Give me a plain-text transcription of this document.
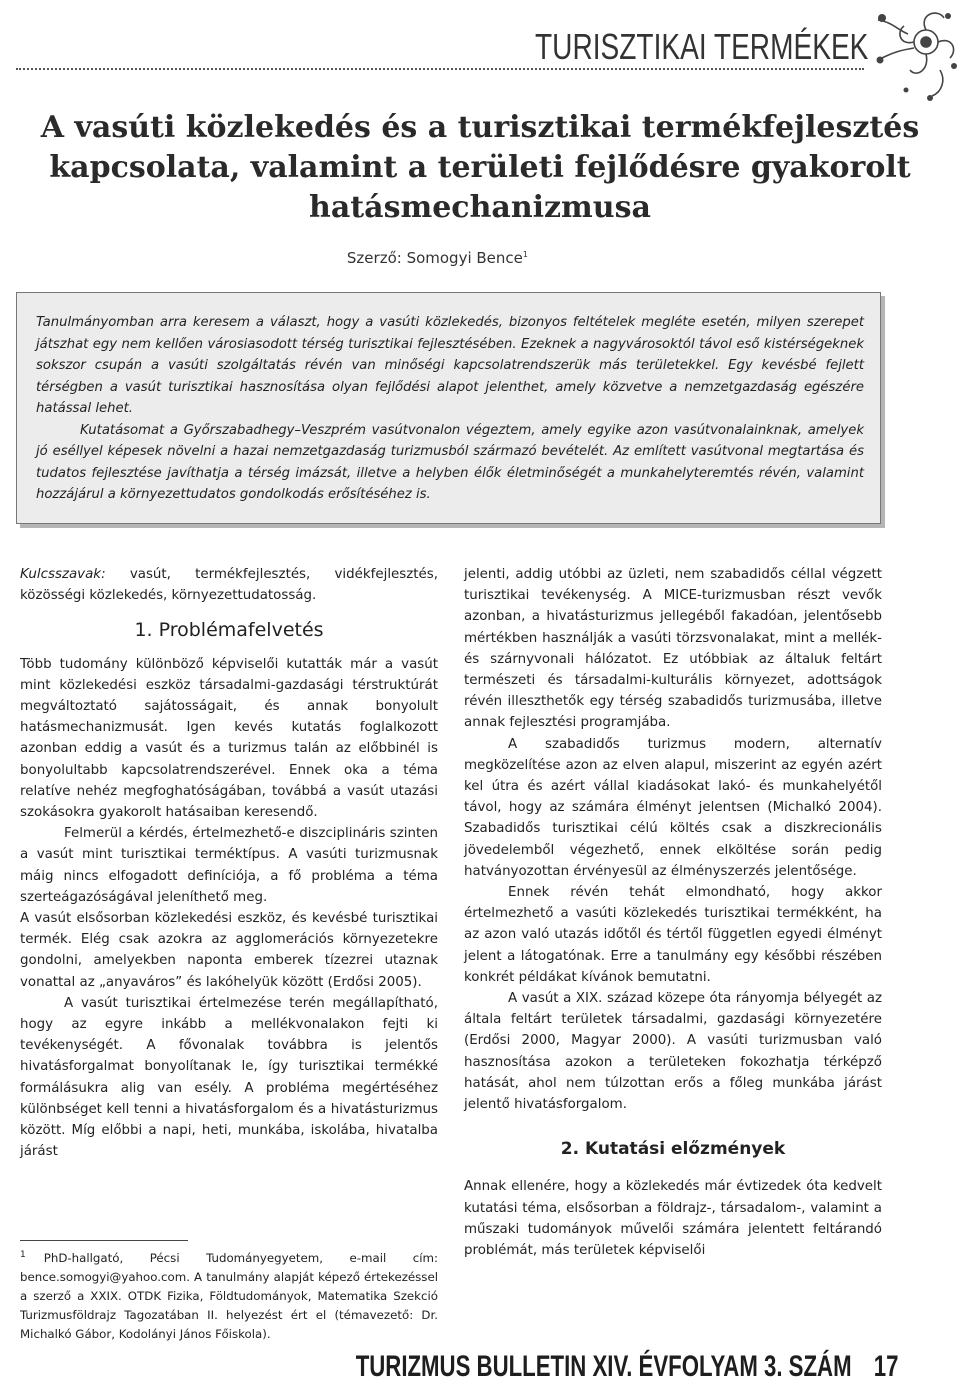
TURISZTIKAI TERMÉKEK
A vasúti közlekedés és a turisztikai termékfejlesztés
kapcsolata, valamint a területi fejlődésre gyakorolt
hatásmechanizmusa
Szerző: Somogyi Bence$^1$

Tanulmányomban arra keresem a választ, hogy a vasúti közlekedés, bizonyos feltételek megléte esetén, milyen szerepet játszhat egy nem kellően városiasodott térség turisztikai fejlesztésében. Ezeknek a nagyvárosoktól távol eső kistérségeknek sokszor csupán a vasúti szolgáltatás révén van minőségi kapcsolatrendszerük más területekkel. Egy kevésbé fejlett térségben a vasút turisztikai hasznosítása olyan fejlődési alapot jelenthet, amely közvetve a nemzetgazdaság egészére hatással lehet.

Kutatásomat a Győrszabadhegy–Veszprém vasútvonalon végeztem, amely egyike azon vasútvonalainknak, amelyek jó eséllyel képesek növelni a hazai nemzetgazdaság turizmusból származó bevételét. Az említett vasútvonal megtartása és tudatos fejlesztése javíthatja a térség imázsát, illetve a helyben élők életminőségét a munkahelyteremtés révén, valamint hozzájárul a környezettudatos gondolkodás erősítéséhez is.

Kulcsszavak: vasút, termékfejlesztés, vidékfejlesztés, közösségi közlekedés, környezettudatosság.

1. Problémafelvetés

Több tudomány különböző képviselői kutatták már a vasút mint közlekedési eszköz társadalmi-gazdasági térstruktúrát megváltoztató sajátosságait, és annak bonyolult hatásmechanizmusát. Igen kevés kutatás foglalkozott azonban eddig a vasút és a turizmus talán az előbbinél is bonyolultabb kapcsolatrendszerével. Ennek oka a téma relatíve nehéz megfoghatóságában, továbbá a vasút utazási szokásokra gyakorolt hatásaiban keresendő.

Felmerül a kérdés, értelmezhető-e diszciplináris szinten a vasút mint turisztikai terméktípus. A vasúti turizmusnak máig nincs elfogadott definíciója, a fő probléma a téma szerteágazóságával jeleníthető meg.

A vasút elsősorban közlekedési eszköz, és kevésbé turisztikai termék. Elég csak azokra az agglomerációs környezetekre gondolni, amelyekben naponta emberek tízezrei utaznak vonattal az „anyaváros” és lakóhelyük között (Erdősi 2005).

A vasút turisztikai értelmezése terén megállapítható, hogy az egyre inkább a mellékvonalakon fejti ki tevékenységét. A fővonalak továbbra is jelentős hivatásforgalmat bonyolítanak le, így turisztikai termékké formálásukra alig van esély. A probléma megértéséhez különbséget kell tenni a hivatásforgalom és a hivatásturizmus között. Míg előbbi a napi, heti, munkába, iskolába, hivatalba járást

jelenti, addig utóbbi az üzleti, nem szabadidős céllal végzett turisztikai tevékenység. A MICE-turizmusban részt vevők azonban, a hivatásturizmus jellegéből fakadóan, jelentősebb mértékben használják a vasúti törzsvonalakat, mint a mellék- és szárnyvonali hálózatot. Ez utóbbiak az általuk feltárt természeti és társadalmi-kulturális környezet, adottságok révén illeszthetők egy térség szabadidős turizmusába, illetve annak fejlesztési programjába.

A szabadidős turizmus modern, alternatív megközelítése azon az elven alapul, miszerint az egyén azért kel útra és azért vállal kiadásokat lakó- és munkahelyétől távol, hogy az számára élményt jelentsen (Michalkó 2004). Szabadidős turisztikai célú költés csak a diszkrecionális jövedelemből végezhető, ennek elköltése során pedig hatványozottan érvényesül az élményszerzés jelentősége.

Ennek révén tehát elmondható, hogy akkor értelmezhető a vasúti közlekedés turisztikai termékként, ha az azon való utazás időtől és tértől független egyedi élményt jelent a látogatónak. Erre a tanulmány egy későbbi részében konkrét példákat kívánok bemutatni.

A vasút a XIX. század közepe óta rányomja bélyegét az általa feltárt területek társadalmi, gazdasági környezetére (Erdősi 2000, Magyar 2000). A vasúti turizmusban való hasznosítása azokon a területeken fokozhatja térképző hatását, ahol nem túlzottan erős a főleg munkába járást jelentő hivatásforgalom.

2. Kutatási előzmények

Annak ellenére, hogy a közlekedés már évtizedek óta kedvelt kutatási téma, elsősorban a földrajz-, társadalom-, valamint a műszaki tudományok művelői számára jelentett feltárandó problémát, más területek képviselői

$^1$ PhD-hallgató, Pécsi Tudományegyetem, e-mail cím: bence.somogyi@yahoo.com. A tanulmány alapját képező értekezéssel a szerző a XXIX. OTDK Fizika, Földtudományok, Matematika Szekció Turizmusföldrajz Tagozatában II. helyezést ért el (témavezető: Dr. Michalkó Gábor, Kodolányi János Főiskola).
TURIZMUS BULLETIN XIV. ÉVFOLYAM 3. SZÁM 17
